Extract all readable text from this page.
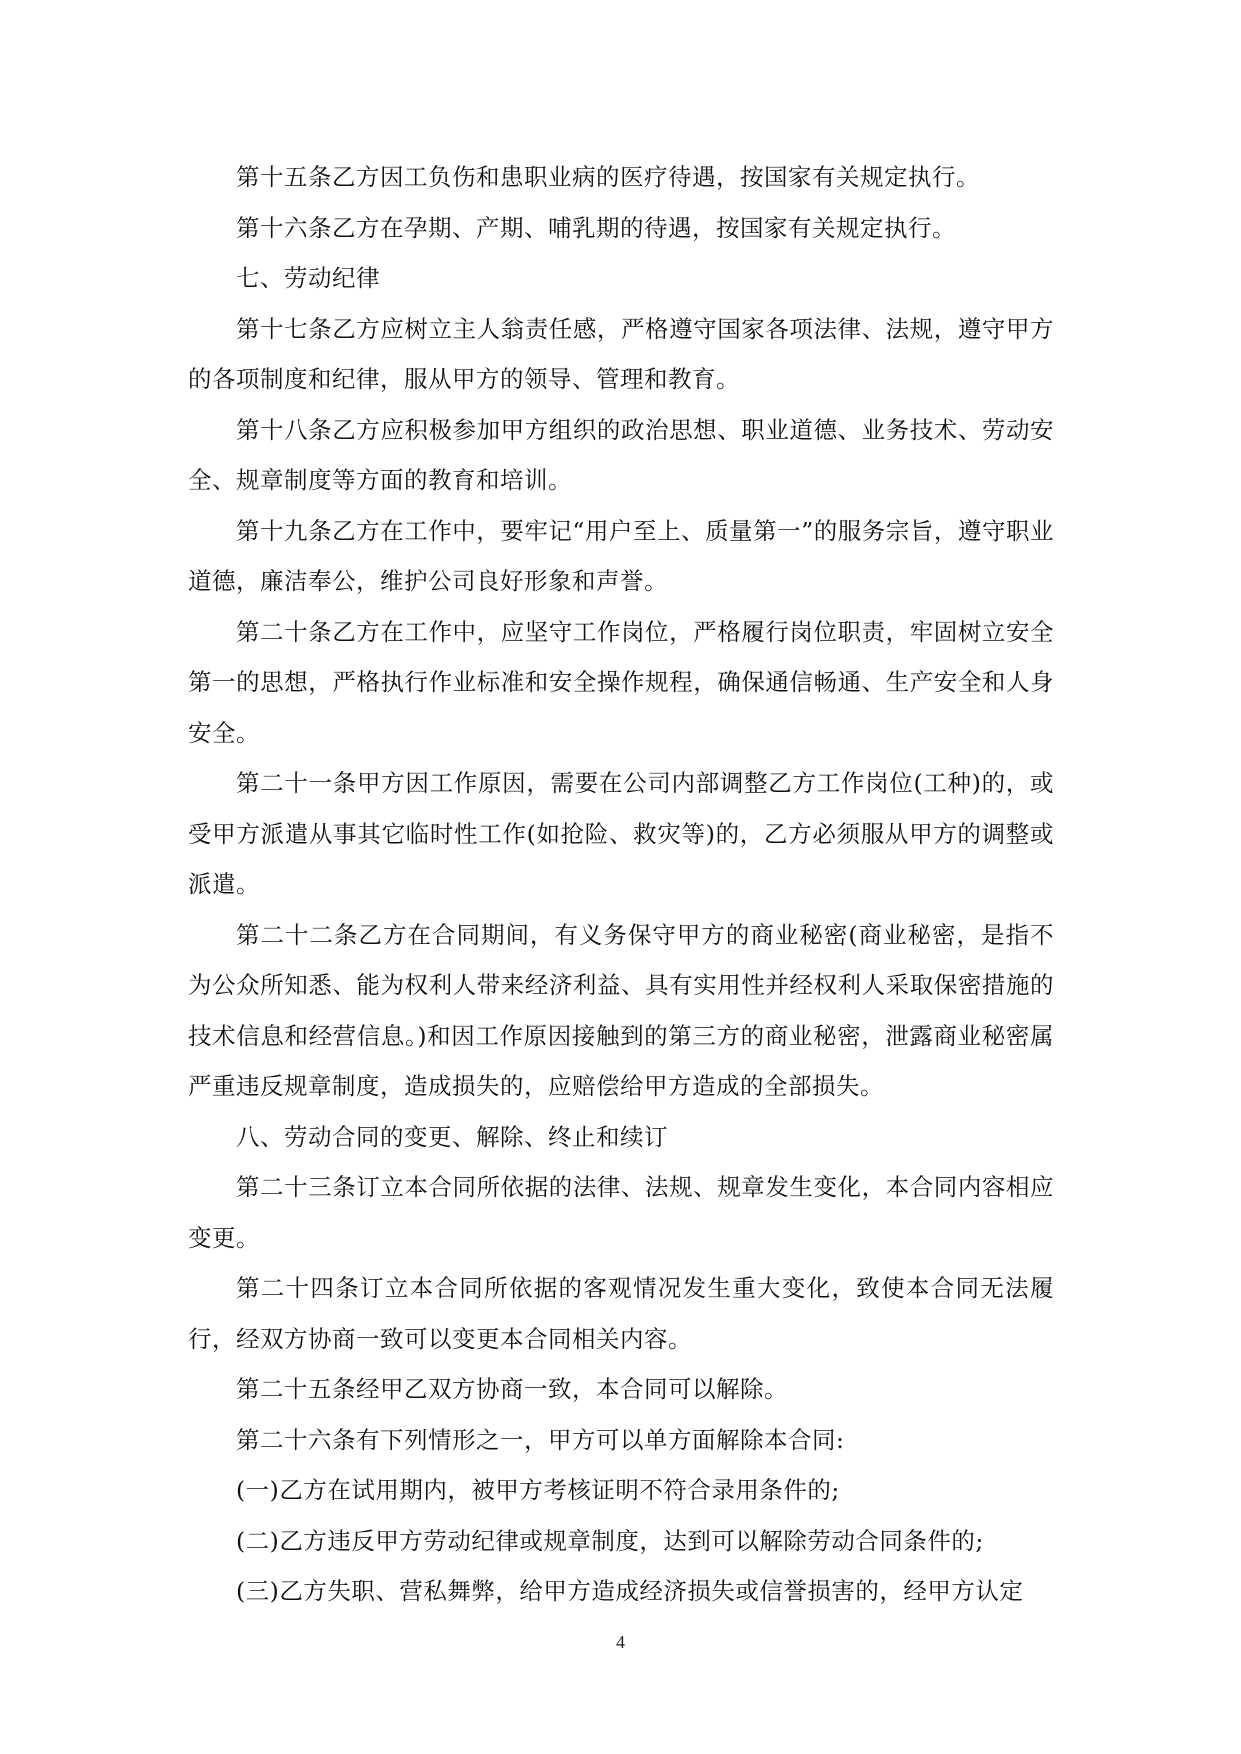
第十五条乙方因工负伤和患职业病的医疗待遇，按国家有关规定执行。

第十六条乙方在孕期、产期、哺乳期的待遇，按国家有关规定执行。

七、劳动纪律

第十七条乙方应树立主人翁责任感，严格遵守国家各项法律、法规，遵守甲方的各项制度和纪律，服从甲方的领导、管理和教育。

第十八条乙方应积极参加甲方组织的政治思想、职业道德、业务技术、劳动安全、规章制度等方面的教育和培训。

第十九条乙方在工作中，要牢记“用户至上、质量第一”的服务宗旨，遵守职业道德，廉洁奉公，维护公司良好形象和声誉。

第二十条乙方在工作中，应坚守工作岗位，严格履行岗位职责，牢固树立安全第一的思想，严格执行作业标准和安全操作规程，确保通信畅通、生产安全和人身安全。

第二十一条甲方因工作原因，需要在公司内部调整乙方工作岗位(工种)的，或受甲方派遣从事其它临时性工作(如抢险、救灾等)的，乙方必须服从甲方的调整或派遣。

第二十二条乙方在合同期间，有义务保守甲方的商业秘密(商业秘密，是指不为公众所知悉、能为权利人带来经济利益、具有实用性并经权利人采取保密措施的技术信息和经营信息。)和因工作原因接触到的第三方的商业秘密，泄露商业秘密属严重违反规章制度，造成损失的，应赔偿给甲方造成的全部损失。

八、劳动合同的变更、解除、终止和续订

第二十三条订立本合同所依据的法律、法规、规章发生变化，本合同内容相应变更。

第二十四条订立本合同所依据的客观情况发生重大变化，致使本合同无法履行，经双方协商一致可以变更本合同相关内容。

第二十五条经甲乙双方协商一致，本合同可以解除。

第二十六条有下列情形之一，甲方可以单方面解除本合同:

(一)乙方在试用期内，被甲方考核证明不符合录用条件的;

(二)乙方违反甲方劳动纪律或规章制度，达到可以解除劳动合同条件的;

(三)乙方失职、营私舞弊，给甲方造成经济损失或信誉损害的，经甲方认定

4
